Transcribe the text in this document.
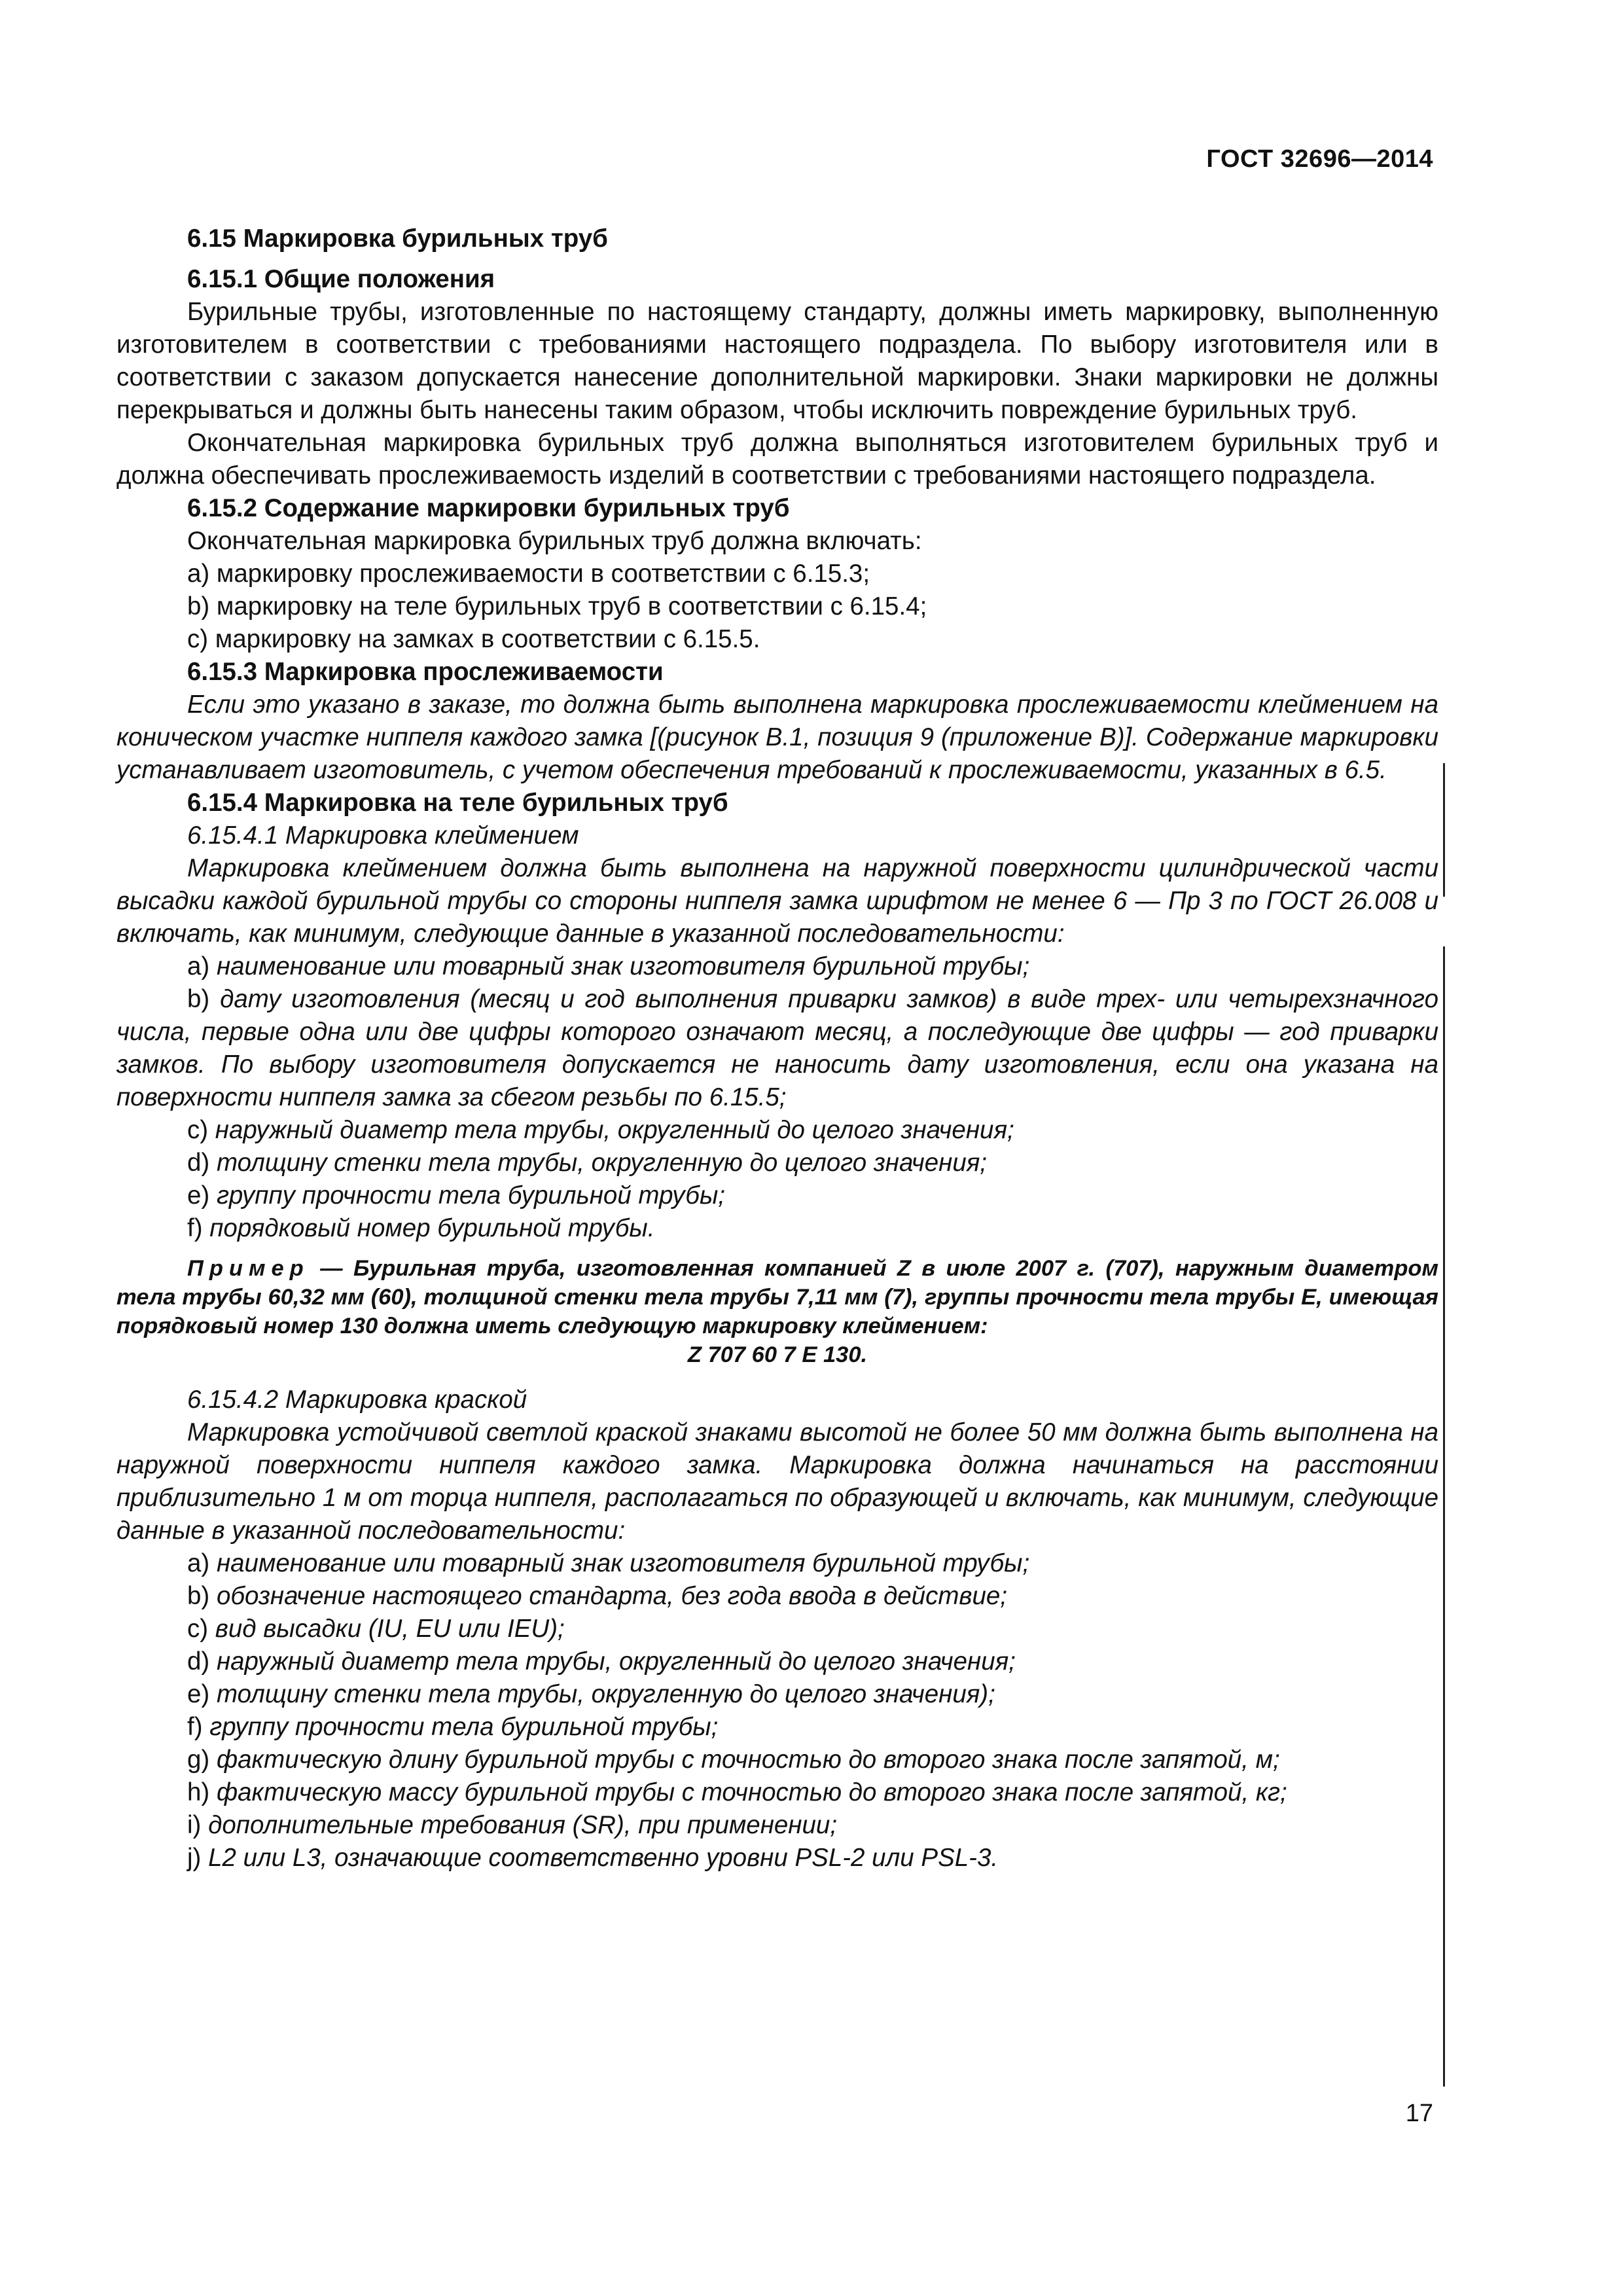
ГОСТ 32696—2014

6.15 Маркировка бурильных труб

6.15.1 Общие положения

Бурильные трубы, изготовленные по настоящему стандарту, должны иметь маркировку, выполненную изготовителем в соответствии с требованиями настоящего подраздела. По выбору изготовителя или в соответствии с заказом допускается нанесение дополнительной маркировки. Знаки маркировки не должны перекрываться и должны быть нанесены таким образом, чтобы исключить повреждение бурильных труб.

Окончательная маркировка бурильных труб должна выполняться изготовителем бурильных труб и должна обеспечивать прослеживаемость изделий в соответствии с требованиями настоящего подраздела.

6.15.2 Содержание маркировки бурильных труб

Окончательная маркировка бурильных труб должна включать:

a) маркировку прослеживаемости в соответствии с 6.15.3;

b) маркировку на теле бурильных труб в соответствии с 6.15.4;

c) маркировку на замках в соответствии с 6.15.5.

6.15.3 Маркировка прослеживаемости

Если это указано в заказе, то должна быть выполнена маркировка прослеживаемости клеймением на коническом участке ниппеля каждого замка [(рисунок В.1, позиция 9 (приложение В)]. Содержание маркировки устанавливает изготовитель, с учетом обеспечения требований к прослеживаемости, указанных в 6.5.

6.15.4 Маркировка на теле бурильных труб

6.15.4.1 Маркировка клеймением

Маркировка клеймением должна быть выполнена на наружной поверхности цилиндрической части высадки каждой бурильной трубы со стороны ниппеля замка шрифтом не менее 6 — Пр 3 по ГОСТ 26.008 и включать, как минимум, следующие данные в указанной последовательности:

a) наименование или товарный знак изготовителя бурильной трубы;

b) дату изготовления (месяц и год выполнения приварки замков) в виде трех- или четырехзначного числа, первые одна или две цифры которого означают месяц, а последующие две цифры — год приварки замков. По выбору изготовителя допускается не наносить дату изготовления, если она указана на поверхности ниппеля замка за сбегом резьбы по 6.15.5;

c) наружный диаметр тела трубы, округленный до целого значения;

d) толщину стенки тела трубы, округленную до целого значения;

e) группу прочности тела бурильной трубы;

f) порядковый номер бурильной трубы.

Пример — Бурильная труба, изготовленная компанией Z в июле 2007 г. (707), наружным диаметром тела трубы 60,32 мм (60), толщиной стенки тела трубы 7,11 мм (7), группы прочности тела трубы Е, имеющая порядковый номер 130 должна иметь следующую маркировку клеймением:

Z 707 60 7 E 130.

6.15.4.2 Маркировка краской

Маркировка устойчивой светлой краской знаками высотой не более 50 мм должна быть выполнена на наружной поверхности ниппеля каждого замка. Маркировка должна начинаться на расстоянии приблизительно 1 м от торца ниппеля, располагаться по образующей и включать, как минимум, следующие данные в указанной последовательности:

a) наименование или товарный знак изготовителя бурильной трубы;

b) обозначение настоящего стандарта, без года ввода в действие;

c) вид высадки (IU, EU или IEU);

d) наружный диаметр тела трубы, округленный до целого значения;

e) толщину стенки тела трубы, округленную до целого значения);

f) группу прочности тела бурильной трубы;

g) фактическую длину бурильной трубы с точностью до второго знака после запятой, м;

h) фактическую массу бурильной трубы с точностью до второго знака после запятой, кг;

i) дополнительные требования (SR), при применении;

j) L2 или L3, означающие соответственно уровни PSL-2 или PSL-3.

17
